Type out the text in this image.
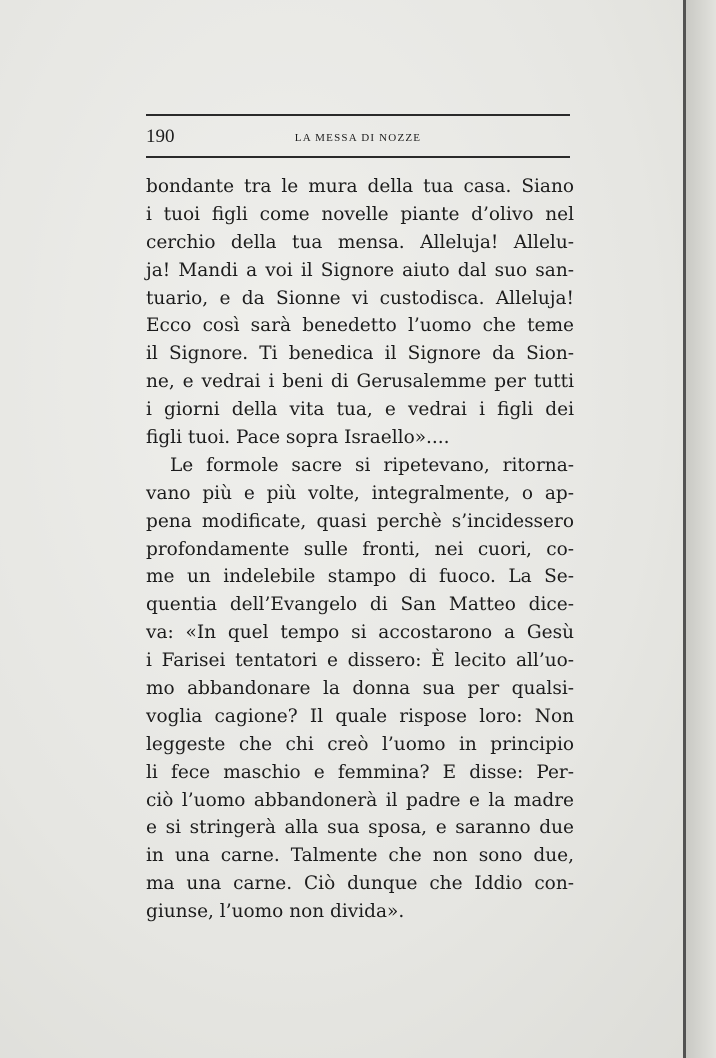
190	LA MESSA DI NOZZE
bondante tra le mura della tua casa. Siano
i tuoi figli come novelle piante d’olivo nel
cerchio della tua mensa. Alleluja! Allelu-
ja! Mandi a voi il Signore aiuto dal suo san-
tuario, e da Sionne vi custodisca. Alleluja!
Ecco così sarà benedetto l’uomo che teme
il Signore. Ti benedica il Signore da Sion-
ne, e vedrai i beni di Gerusalemme per tutti
i giorni della vita tua, e vedrai i figli dei
figli tuoi. Pace sopra Israello»....
Le formole sacre si ripetevano, ritorna-
vano più e più volte, integralmente, o ap-
pena modificate, quasi perchè s’incidessero
profondamente sulle fronti, nei cuori, co-
me un indelebile stampo di fuoco. La Se-
quentia dell’Evangelo di San Matteo dice-
va: «In quel tempo si accostarono a Gesù
i Farisei tentatori e dissero: È lecito all’uo-
mo abbandonare la donna sua per qualsi-
voglia cagione? Il quale rispose loro: Non
leggeste che chi creò l’uomo in principio
li fece maschio e femmina? E disse: Per-
ciò l’uomo abbandonerà il padre e la madre
e si stringerà alla sua sposa, e saranno due
in una carne. Talmente che non sono due,
ma una carne. Ciò dunque che Iddio con-
giunse, l’uomo non divida».
